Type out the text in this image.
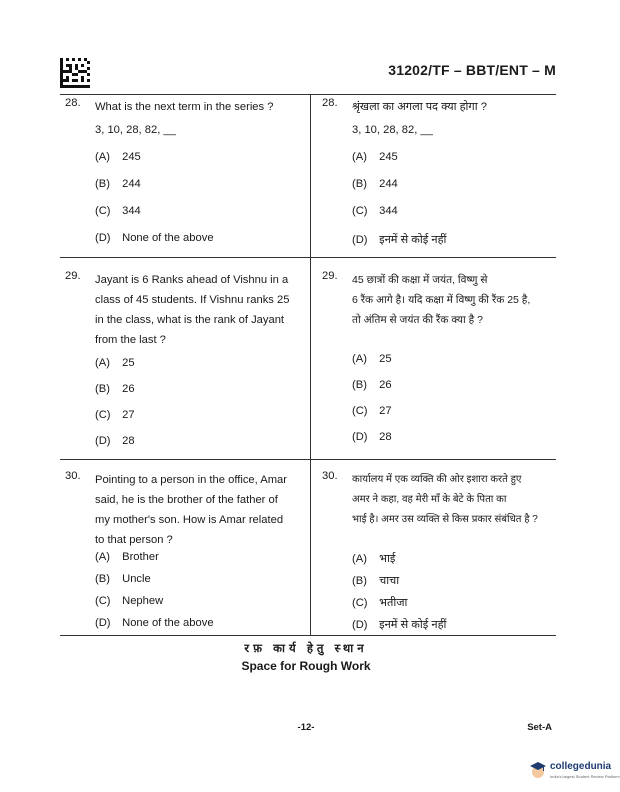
31202/TF – BBT/ENT – M
28. What is the next term in the series ?
3, 10, 28, 82, __
(A) 245
(B) 244
(C) 344
(D) None of the above
28. श्रृंखला का अगला पद क्या होगा ?
3, 10, 28, 82, __
(A) 245
(B) 244
(C) 344
(D) इनमें से कोई नहीं
29. Jayant is 6 Ranks ahead of Vishnu in a
class of 45 students. If Vishnu ranks 25
in the class, what is the rank of Jayant
from the last ?
(A) 25
(B) 26
(C) 27
(D) 28
29. 45 छात्रों की कक्षा में जयंत, विष्णु से
6 रैंक आगे है। यदि कक्षा में विष्णु की रैंक 25 है,
तो अंतिम से जयंत की रैंक क्या है ?
(A) 25
(B) 26
(C) 27
(D) 28
30. Pointing to a person in the office, Amar
said, he is the brother of the father of
my mother's son. How is Amar related
to that person ?
(A) Brother
(B) Uncle
(C) Nephew
(D) None of the above
30. कार्यालय में एक व्यक्ति की ओर इशारा करते हुए
अमर ने कहा, वह मेरी माँ के बेटे के पिता का
भाई है। अमर उस व्यक्ति से किस प्रकार संबंधित है ?
(A) भाई
(B) चाचा
(C) भतीजा
(D) इनमें से कोई नहीं
रफ़ कार्य हेतु स्थान
Space for Rough Work
-12-	Set-A
collegedunia
India's largest Student Review Platform
